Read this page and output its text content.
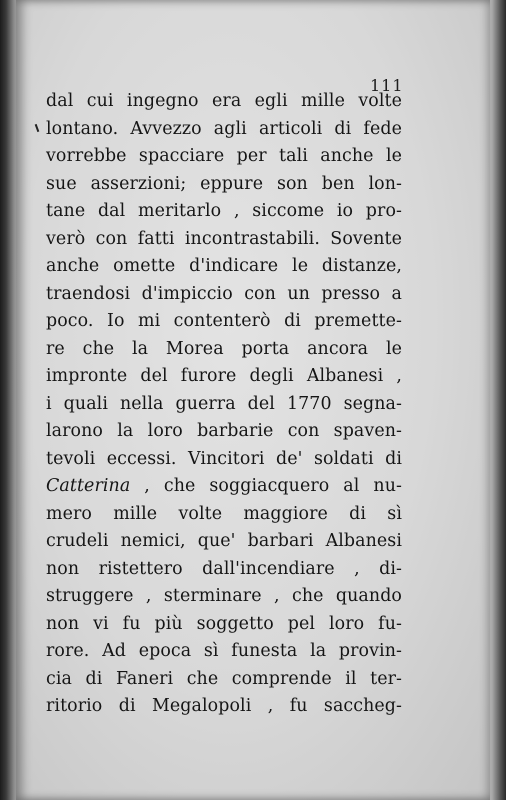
111
dal cui ingegno era egli mille volte
lontano. Avvezzo agli articoli di fede
vorrebbe spacciare per tali anche le
sue asserzioni; eppure son ben lon-
tane dal meritarlo , siccome io pro-
verò con fatti incontrastabili. Sovente
anche omette d'indicare le distanze,
traendosi d'impiccio con un presso a
poco. Io mi contenterò di premette-
re che la Morea porta ancora le
impronte del furore degli Albanesi ,
i quali nella guerra del 1770 segna-
larono la loro barbarie con spaven-
tevoli eccessi. Vincitori de' soldati di
Catterina , che soggiacquero al nu-
mero mille volte maggiore di sì
crudeli nemici, que' barbari Albanesi
non ristettero dall'incendiare , di-
struggere , sterminare , che quando
non vi fu più soggetto pel loro fu-
rore. Ad epoca sì funesta la provin-
cia di Faneri che comprende il ter-
ritorio di Megalopoli , fu saccheg-
